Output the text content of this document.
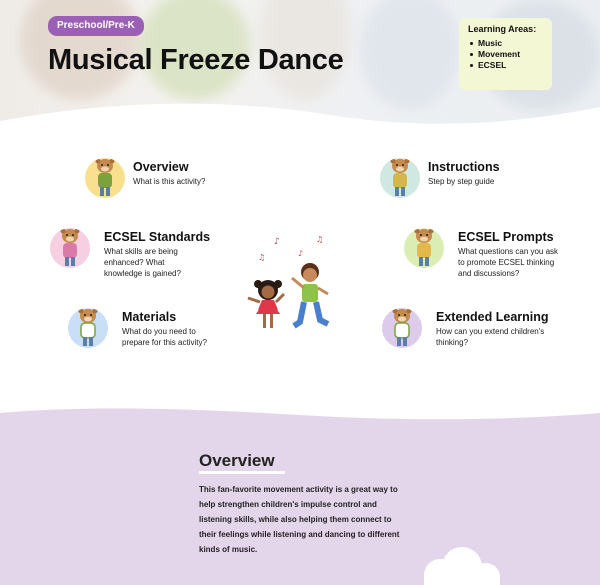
Preschool/Pre-K
Musical Freeze Dance
Learning Areas:
Music
Movement
ECSEL
Overview

What is this activity?

Instructions

Step by step guide

ECSEL Standards

What skills are being enhanced? What knowledge is gained?

ECSEL Prompts

What questions can you ask to promote ECSEL thinking and discussions?

♪	♫
♫	♪
Materials

What do you need to prepare for this activity?

Extended Learning

How can you extend children's thinking?

Overview

This fan-favorite movement activity is a great way to help strengthen children's impulse control and listening skills, while also helping them connect to their feelings while listening and dancing to different kinds of music.
